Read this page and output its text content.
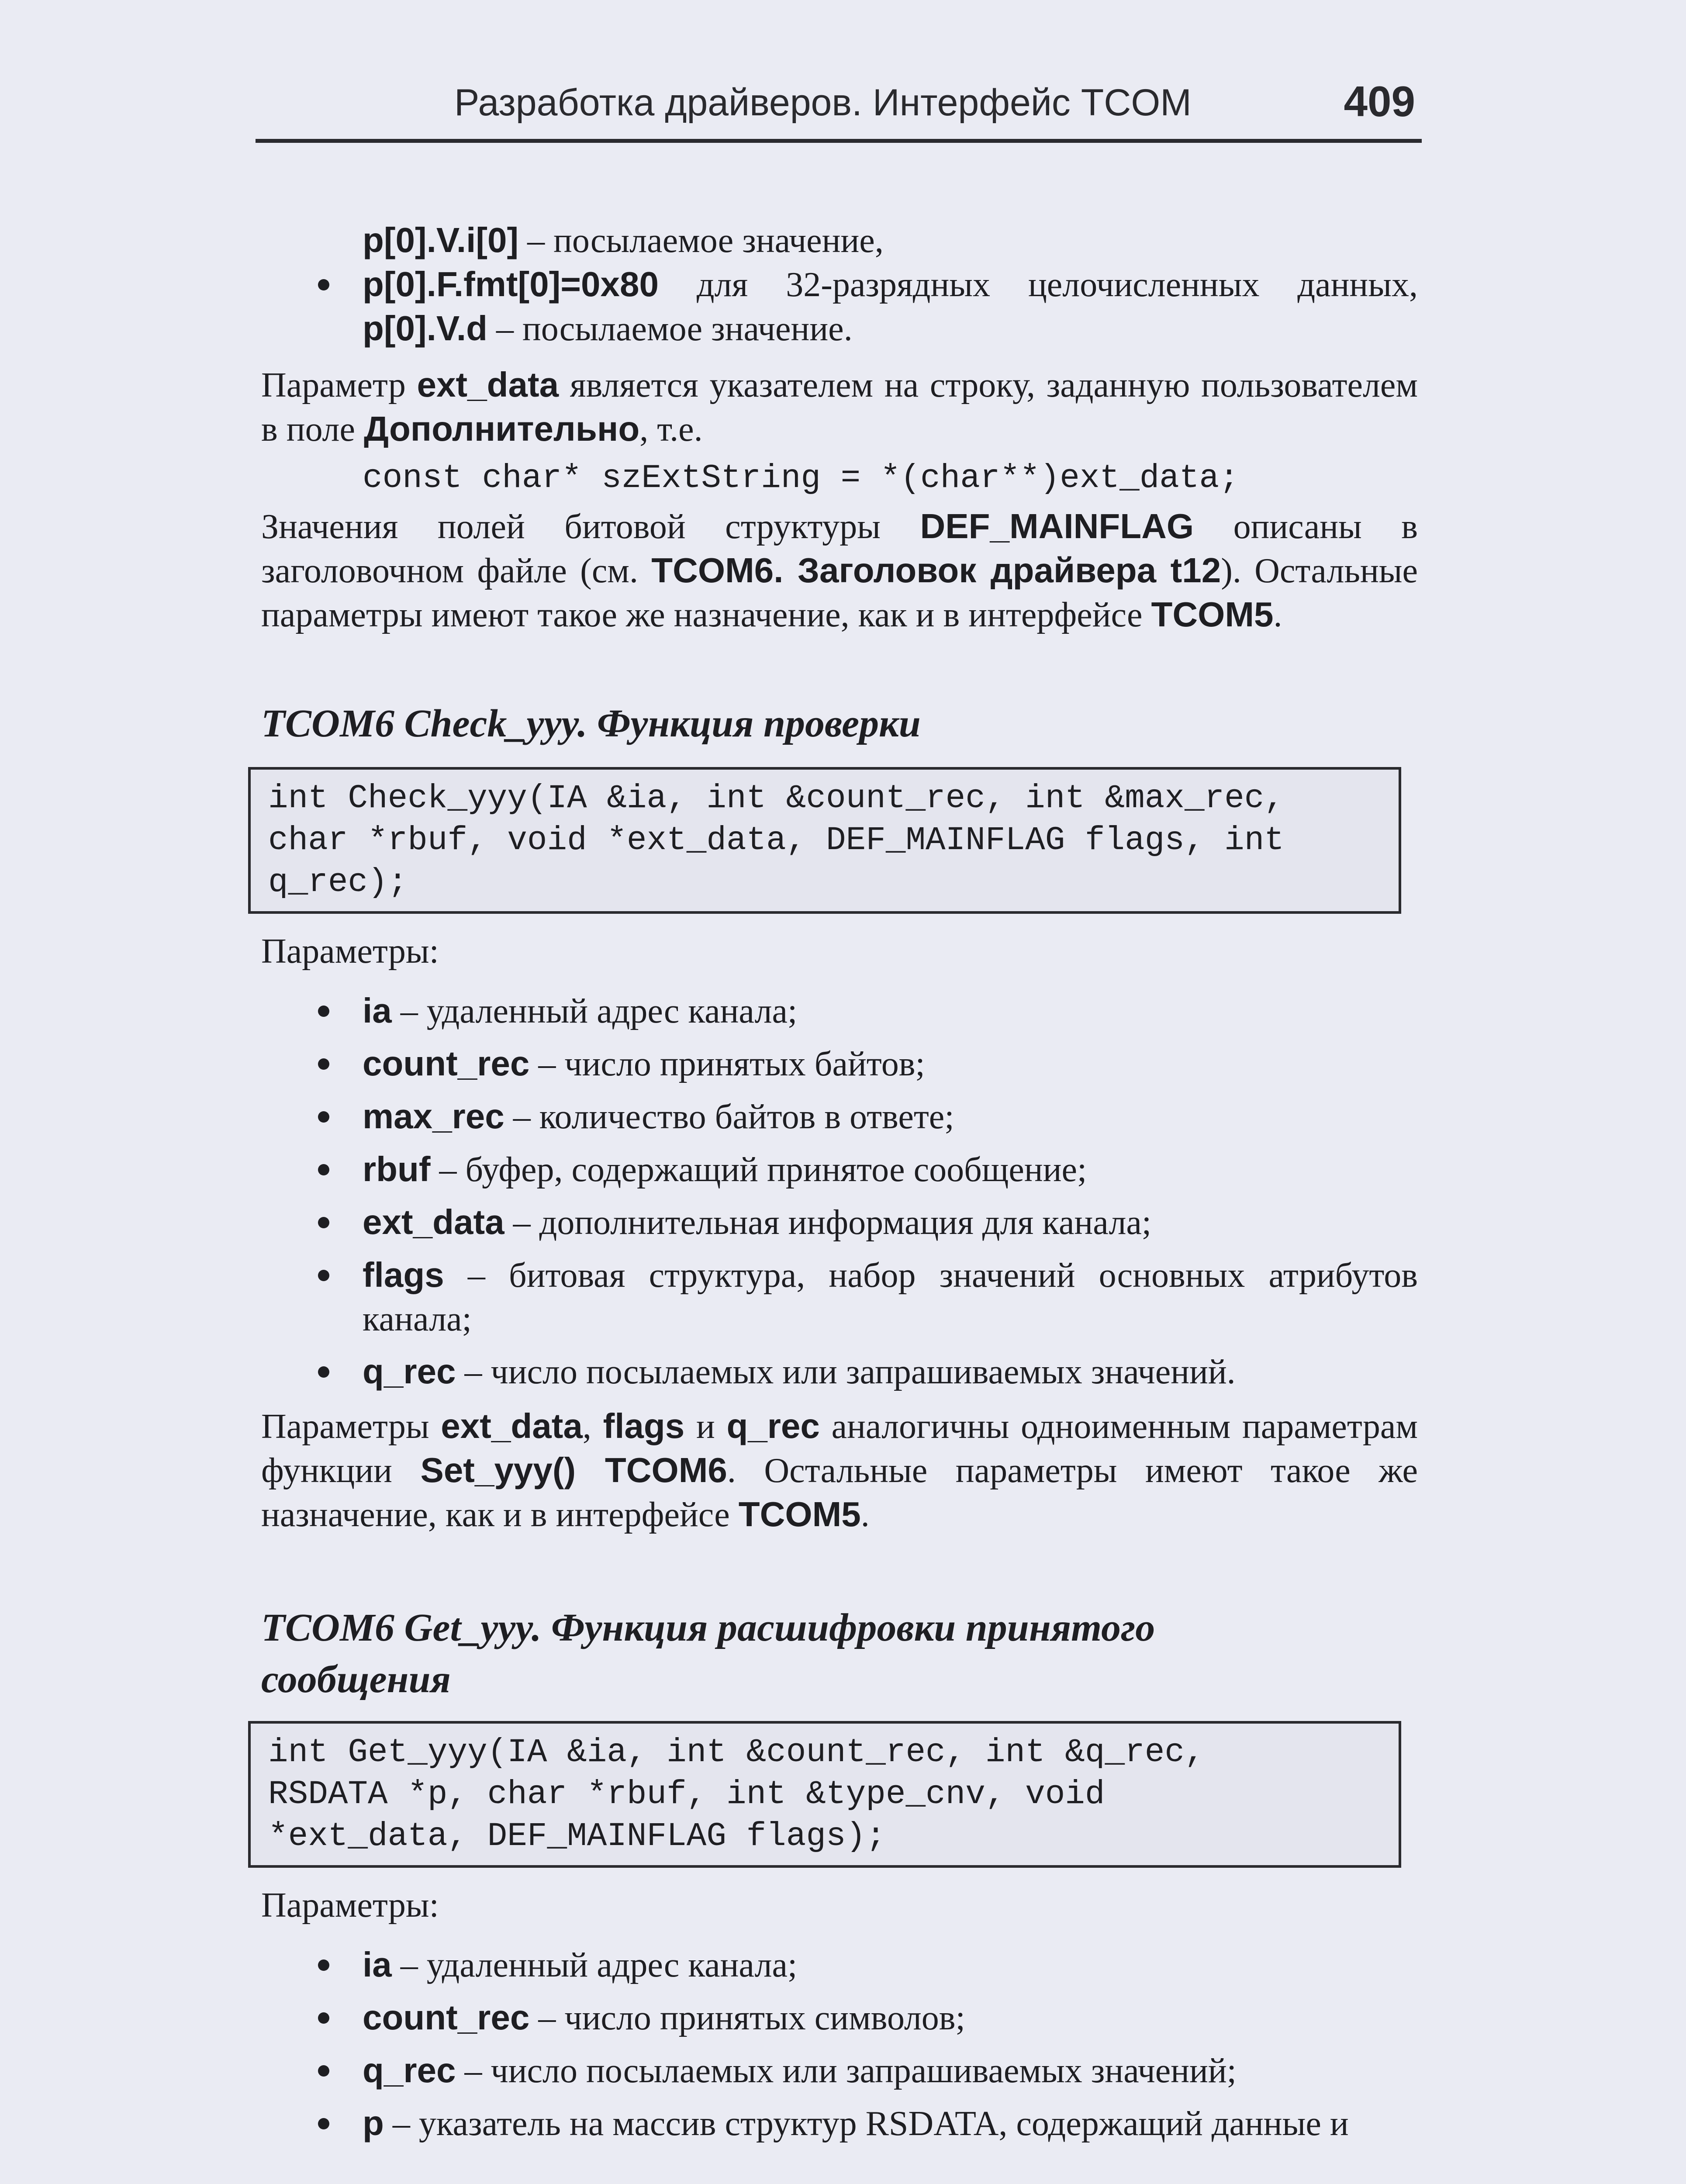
Разработка драйверов. Интерфейс TCOM	409

p[0].V.i[0] – посылаемое значение,

p[0].F.fmt[0]=0x80 для 32-разрядных целочисленных данных, p[0].V.d – посылаемое значение.

Параметр ext_data является указателем на строку, заданную пользователем в поле Дополнительно, т.е.

const char* szExtString = *(char**)ext_data;

Значения полей битовой структуры DEF_MAINFLAG описаны в заголовочном файле (см. TCOM6. Заголовок драйвера t12). Остальные параметры имеют такое же назначение, как и в интерфейсе TCOM5.

TCOM6 Check_yyy. Функция проверки
int Check_yyy(IA &ia, int &count_rec, int &max_rec,
char *rbuf, void *ext_data, DEF_MAINFLAG flags, int
q_rec);

Параметры:

ia – удаленный адрес канала;
count_rec – число принятых байтов;
max_rec – количество байтов в ответе;
rbuf – буфер, содержащий принятое сообщение;
ext_data – дополнительная информация для канала;
flags – битовая структура, набор значений основных атрибутов канала;
q_rec – число посылаемых или запрашиваемых значений.

Параметры ext_data, flags и q_rec аналогичны одноименным параметрам функции Set_yyy() TCOM6. Остальные параметры имеют такое же назначение, как и в интерфейсе TCOM5.

TCOM6 Get_yyy. Функция расшифровки принятого сообщения
int Get_yyy(IA &ia, int &count_rec, int &q_rec,
RSDATA *p, char *rbuf, int &type_cnv, void
*ext_data, DEF_MAINFLAG flags);

Параметры:

ia – удаленный адрес канала;
count_rec – число принятых символов;
q_rec – число посылаемых или запрашиваемых значений;
p – указатель на массив структур RSDATA, содержащий данные и
